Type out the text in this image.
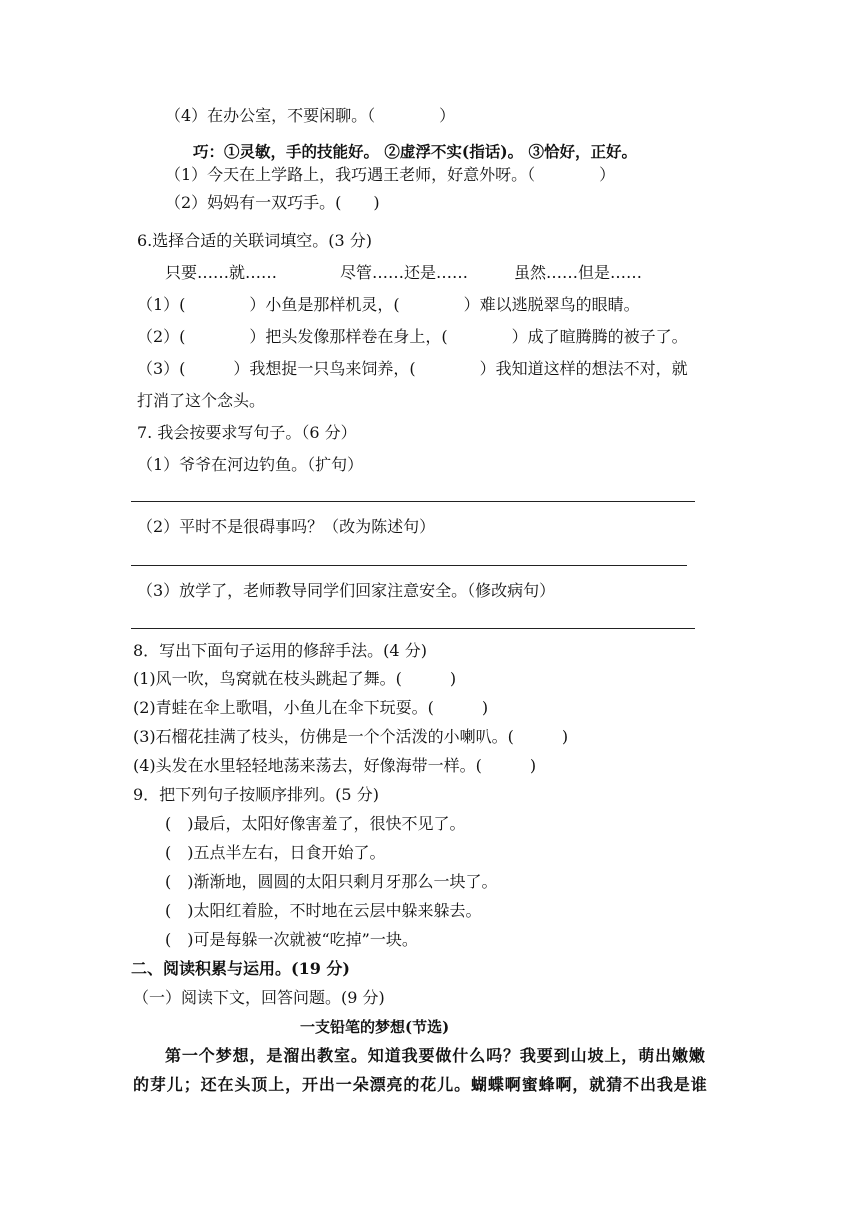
（4）在办公室，不要闲聊。（　　　　）
巧：①灵敏，手的技能好。 ②虚浮不实(指话)。 ③恰好，正好。
（1）今天在上学路上，我巧遇王老师，好意外呀。（　　　　）
（2）妈妈有一双巧手。(　　)
6.选择合适的关联词填空。(3 分)
只要……就……	尽管……还是……	虽然……但是……
（1）(　　　　）小鱼是那样机灵，(　　　　）难以逃脱翠鸟的眼睛。
（2）(　　　　）把头发像那样卷在身上，(　　　　）成了暄腾腾的被子了。
（3）(　　　）我想捉一只鸟来饲养，(　　　　）我知道这样的想法不对，就
打消了这个念头。
7. 我会按要求写句子。（6 分）
（1）爷爷在河边钓鱼。（扩句）
（2）平时不是很碍事吗？（改为陈述句）
（3）放学了，老师教导同学们回家注意安全。（修改病句）
8．写出下面句子运用的修辞手法。(4 分)
(1)风一吹，鸟窝就在枝头跳起了舞。(　　　)
(2)青蛙在伞上歌唱，小鱼儿在伞下玩耍。(　　　)
(3)石榴花挂满了枝头，仿佛是一个个活泼的小喇叭。(　　　)
(4)头发在水里轻轻地荡来荡去，好像海带一样。(　　　)
9．把下列句子按顺序排列。(5 分)
(　)最后，太阳好像害羞了，很快不见了。
(　)五点半左右，日食开始了。
(　)渐渐地，圆圆的太阳只剩月牙那么一块了。
(　)太阳红着脸，不时地在云层中躲来躲去。
(　)可是每躲一次就被“吃掉”一块。
二、阅读积累与运用。(19 分)
（一）阅读下文，回答问题。(9 分)
一支铅笔的梦想(节选)
第一个梦想，是溜出教室。知道我要做什么吗？我要到山坡上，萌出嫩嫩
的芽儿；还在头顶上，开出一朵漂亮的花儿。蝴蝶啊蜜蜂啊，就猜不出我是谁
